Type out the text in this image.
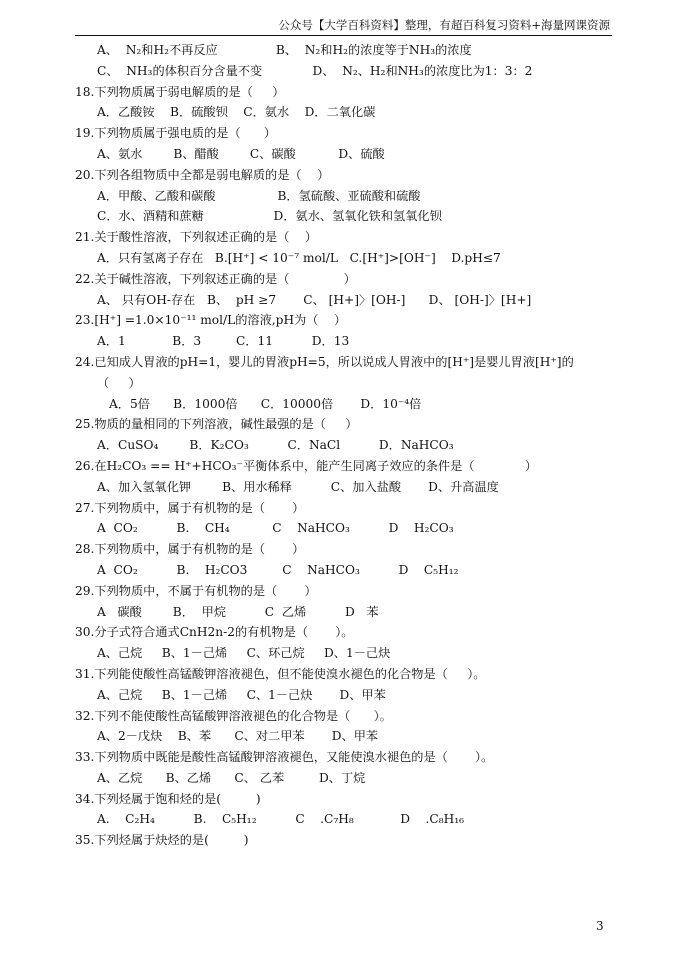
公众号【大学百科资料】整理，有超百科复习资料+海量网课资源
A、  N₂和H₂不再反应               B、  N₂和H₂的浓度等于NH₃的浓度
C、  NH₃的体积百分含量不变             D、  N₂、H₂和NH₃的浓度比为1：3：2
18.下列物质属于弱电解质的是（     ）
A．乙酸铵    B．硫酸钡    C．氨水    D．二氧化碳
19.下列物质属于强电质的是（      ）
A、氨水        B、醋酸        C、碳酸           D、硫酸
20.下列各组物质中全都是弱电解质的是（    ）
A．甲酸、乙酸和碳酸                B．氢硫酸、亚硫酸和硫酸
C．水、酒精和蔗糖                  D．氨水、氢氧化铁和氢氧化钡
21.关于酸性溶液，下列叙述正确的是（    ）
A．只有氢离子存在   B.[H⁺] < 10⁻⁷ mol/L   C.[H⁺]>[OH⁻]    D.pH≤7
22.关于碱性溶液，下列叙述正确的是（              ）
A、 只有OH-存在   B、  pH ≥7       C、 [H+]〉[OH-]      D、 [OH-]〉[H+]
23.[H⁺] =1.0×10⁻¹¹ mol/L的溶液,pH为（    ）
A．1            B．3         C．11          D．13
24.已知成人胃液的pH=1，婴儿的胃液pH=5，所以说成人胃液中的[H⁺]是婴儿胃液[H⁺]的
（     ）
A．5倍      B．1000倍      C．10000倍       D．10⁻⁴倍
25.物质的量相同的下列溶液，碱性最强的是（     ）
A．CuSO₄        B．K₂CO₃          C．NaCl          D．NaHCO₃
26.在H₂CO₃ == H⁺+HCO₃⁻平衡体系中，能产生同离子效应的条件是（             ）
A、加入氢氧化钾        B、用水稀释          C、加入盐酸       D、升高温度
27.下列物质中，属于有机物的是（       ）
A  CO₂          B.    CH₄           C    NaHCO₃          D    H₂CO₃
28.下列物质中，属于有机物的是（       ）
A  CO₂          B.    H₂CO3         C    NaHCO₃          D    C₅H₁₂
29.下列物质中，不属于有机物的是（       ）
A   碳酸        B．  甲烷          C  乙烯          D   苯
30.分子式符合通式CnH2n-2的有机物是（       ）。
A、己烷     B、1－己烯     C、环己烷     D、1－己炔
31.下列能使酸性高锰酸钾溶液褪色，但不能使溴水褪色的化合物是（     ）。
A、己烷     B、1－己烯     C、1－己炔       D、甲苯
32.下列不能使酸性高锰酸钾溶液褪色的化合物是（      ）。
A、2－戊炔    B、苯      C、对二甲苯       D、甲苯
33.下列物质中既能是酸性高锰酸钾溶液褪色，又能使溴水褪色的是（       ）。
A、乙烷      B、乙烯      C、 乙苯         D、丁烷
34.下列烃属于饱和烃的是(         )
A.    C₂H₄          B.    C₅H₁₂          C    .C₇H₈            D    .C₈H₁₆
35.下列烃属于炔烃的是(         )
3
